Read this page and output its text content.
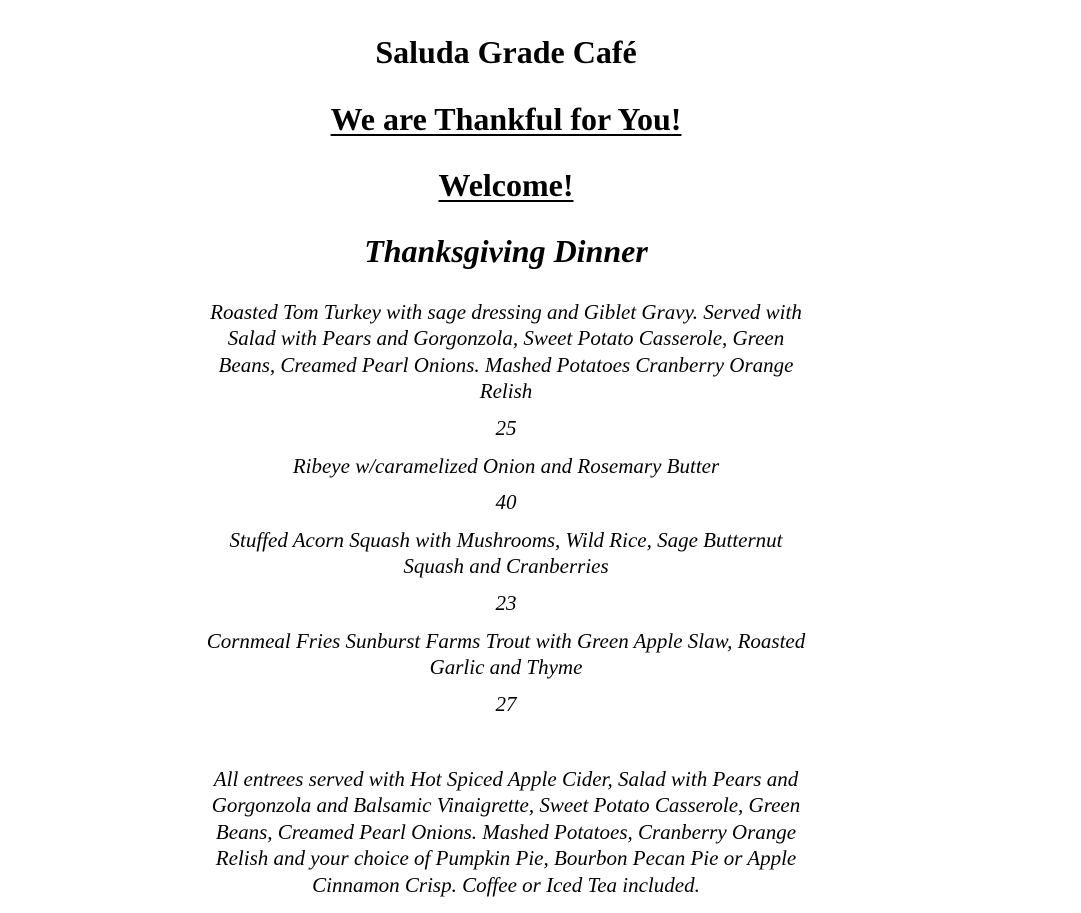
Saluda Grade Café
We are Thankful for You!
Welcome!
Thanksgiving Dinner

Roasted Tom Turkey with sage dressing and Giblet Gravy. Served with
Salad with Pears and Gorgonzola, Sweet Potato Casserole, Green
Beans, Creamed Pearl Onions. Mashed Potatoes Cranberry Orange
Relish

25

Ribeye w/caramelized Onion and Rosemary Butter

40

Stuffed Acorn Squash with Mushrooms, Wild Rice, Sage Butternut
Squash and Cranberries

23

Cornmeal Fries Sunburst Farms Trout with Green Apple Slaw, Roasted
Garlic and Thyme

27

All entrees served with Hot Spiced Apple Cider, Salad with Pears and
Gorgonzola and Balsamic Vinaigrette, Sweet Potato Casserole, Green
Beans, Creamed Pearl Onions. Mashed Potatoes, Cranberry Orange
Relish and your choice of Pumpkin Pie, Bourbon Pecan Pie or Apple
Cinnamon Crisp. Coffee or Iced Tea included.
